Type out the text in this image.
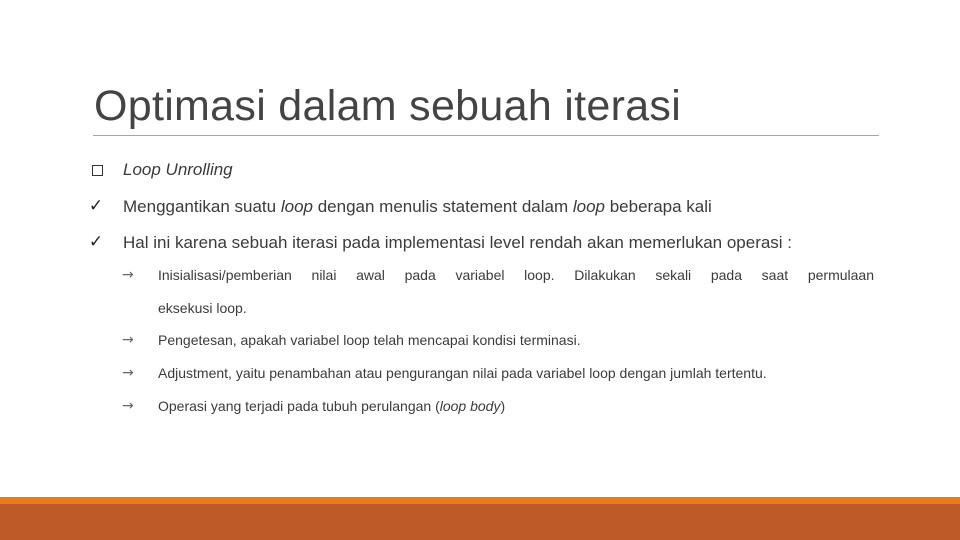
Optimasi dalam sebuah iterasi
Loop Unrolling
✓ Menggantikan suatu loop dengan menulis statement dalam loop beberapa kali
✓ Hal ini karena sebuah iterasi pada implementasi level rendah akan memerlukan operasi :
→ Inisialisasi/pemberian nilai awal pada variabel loop. Dilakukan sekali pada saat permulaan
eksekusi loop.
→ Pengetesan, apakah variabel loop telah mencapai kondisi terminasi.
→ Adjustment, yaitu penambahan atau pengurangan nilai pada variabel loop dengan jumlah tertentu.
→ Operasi yang terjadi pada tubuh perulangan (loop body)
